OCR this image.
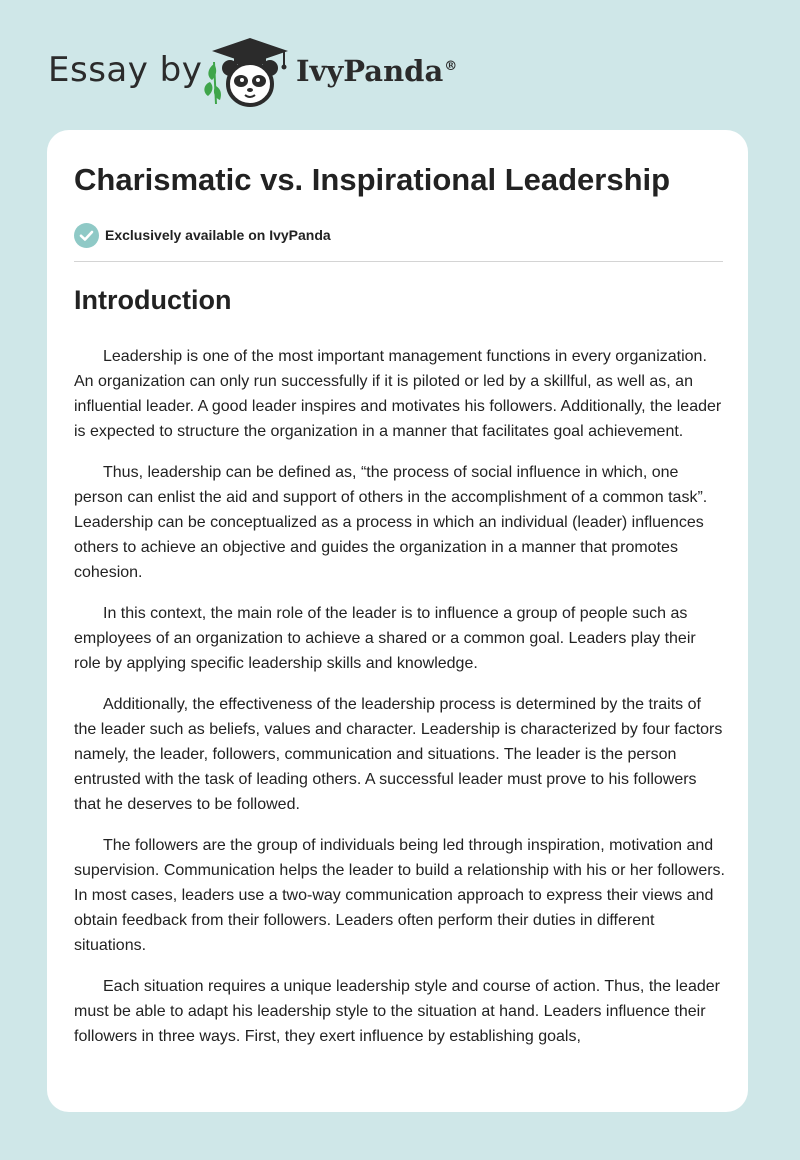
Essay by	IvyPanda®
Charismatic vs. Inspirational Leadership
Exclusively available on IvyPanda
Introduction

Leadership is one of the most important management functions in every organization. An organization can only run successfully if it is piloted or led by a skillful, as well as, an influential leader. A good leader inspires and motivates his followers. Additionally, the leader is expected to structure the organization in a manner that facilitates goal achievement.

Thus, leadership can be defined as, “the process of social influence in which, one person can enlist the aid and support of others in the accomplishment of a common task”. Leadership can be conceptualized as a process in which an individual (leader) influences others to achieve an objective and guides the organization in a manner that promotes cohesion.

In this context, the main role of the leader is to influence a group of people such as employees of an organization to achieve a shared or a common goal. Leaders play their role by applying specific leadership skills and knowledge.

Additionally, the effectiveness of the leadership process is determined by the traits of the leader such as beliefs, values and character. Leadership is characterized by four factors namely, the leader, followers, communication and situations. The leader is the person entrusted with the task of leading others. A successful leader must prove to his followers that he deserves to be followed.

The followers are the group of individuals being led through inspiration, motivation and supervision. Communication helps the leader to build a relationship with his or her followers. In most cases, leaders use a two-way communication approach to express their views and obtain feedback from their followers. Leaders often perform their duties in different situations.

Each situation requires a unique leadership style and course of action. Thus, the leader must be able to adapt his leadership style to the situation at hand. Leaders influence their followers in three ways. First, they exert influence by establishing goals,
